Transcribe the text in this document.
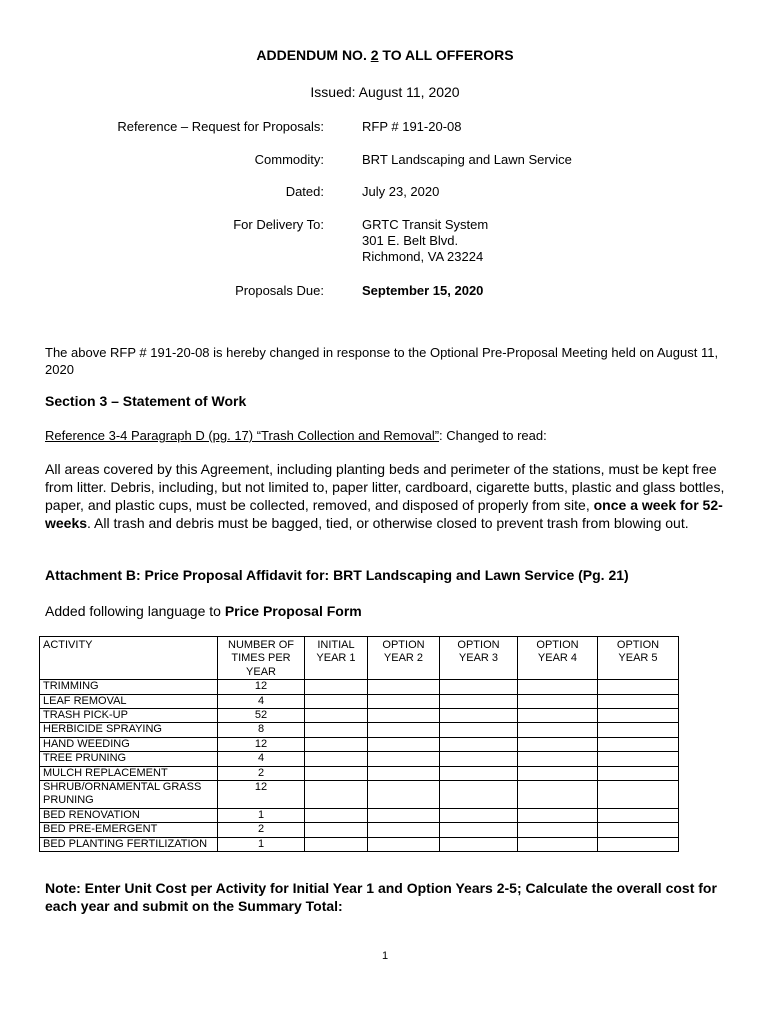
ADDENDUM NO. 2 TO ALL OFFERORS
Issued: August 11, 2020
Reference – Request for Proposals:	RFP # 191-20-08
Commodity:	BRT Landscaping and Lawn Service
Dated:	July 23, 2020
For Delivery To:	GRTC Transit System
301 E. Belt Blvd.
Richmond, VA 23224
Proposals Due:	September 15, 2020
The above RFP # 191-20-08 is hereby changed in response to the Optional Pre-Proposal Meeting held on August 11, 2020
Section 3 – Statement of Work
Reference 3-4 Paragraph D (pg. 17) “Trash Collection and Removal”: Changed to read:
All areas covered by this Agreement, including planting beds and perimeter of the stations, must be kept free from litter. Debris, including, but not limited to, paper litter, cardboard, cigarette butts, plastic and glass bottles, paper, and plastic cups, must be collected, removed, and disposed of properly from site, once a week for 52-weeks. All trash and debris must be bagged, tied, or otherwise closed to prevent trash from blowing out.
Attachment B: Price Proposal Affidavit for: BRT Landscaping and Lawn Service (Pg. 21)
Added following language to Price Proposal Form
ACTIVITY	NUMBER OF TIMES PER YEAR	INITIAL YEAR 1	OPTION YEAR 2	OPTION YEAR 3	OPTION YEAR 4	OPTION YEAR 5
TRIMMING	12					
LEAF REMOVAL	4					
TRASH PICK-UP	52					
HERBICIDE SPRAYING	8					
HAND WEEDING	12					
TREE PRUNING	4					
MULCH REPLACEMENT	2					
SHRUB/ORNAMENTAL GRASS PRUNING	12					
BED RENOVATION	1					
BED PRE-EMERGENT	2					
BED PLANTING FERTILIZATION	1					
Note: Enter Unit Cost per Activity for Initial Year 1 and Option Years 2-5; Calculate the overall cost for each year and submit on the Summary Total:
1
